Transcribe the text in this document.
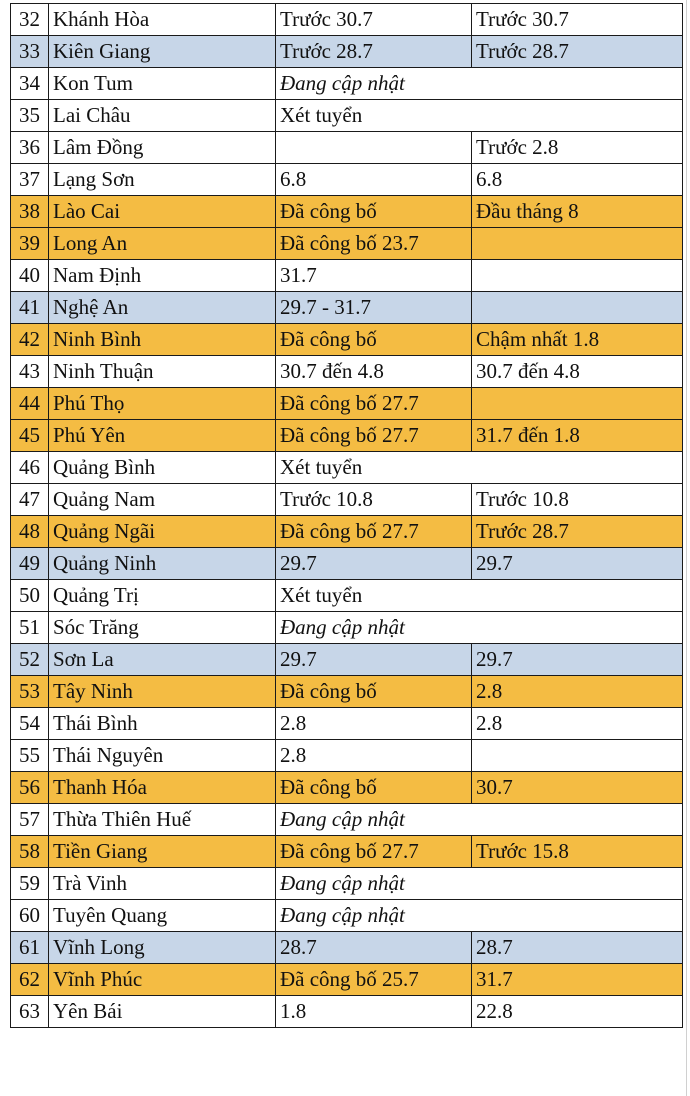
32	Khánh Hòa	Trước 30.7	Trước 30.7
33	Kiên Giang	Trước 28.7	Trước 28.7
34	Kon Tum	Đang cập nhật	
35	Lai Châu	Xét tuyển	
36	Lâm Đồng		Trước 2.8
37	Lạng Sơn	6.8	6.8
38	Lào Cai	Đã công bố	Đầu tháng 8
39	Long An	Đã công bố 23.7	
40	Nam Định	31.7	
41	Nghệ An	29.7 - 31.7	
42	Ninh Bình	Đã công bố	Chậm nhất 1.8
43	Ninh Thuận	30.7 đến 4.8	30.7 đến 4.8
44	Phú Thọ	Đã công bố 27.7	
45	Phú Yên	Đã công bố 27.7	31.7 đến 1.8
46	Quảng Bình	Xét tuyển	
47	Quảng Nam	Trước 10.8	Trước 10.8
48	Quảng Ngãi	Đã công bố 27.7	Trước 28.7
49	Quảng Ninh	29.7	29.7
50	Quảng Trị	Xét tuyển	
51	Sóc Trăng	Đang cập nhật	
52	Sơn La	29.7	29.7
53	Tây Ninh	Đã công bố	2.8
54	Thái Bình	2.8	2.8
55	Thái Nguyên	2.8	
56	Thanh Hóa	Đã công bố	30.7
57	Thừa Thiên Huế	Đang cập nhật	
58	Tiền Giang	Đã công bố 27.7	Trước 15.8
59	Trà Vinh	Đang cập nhật	
60	Tuyên Quang	Đang cập nhật	
61	Vĩnh Long	28.7	28.7
62	Vĩnh Phúc	Đã công bố 25.7	31.7
63	Yên Bái	1.8	22.8
